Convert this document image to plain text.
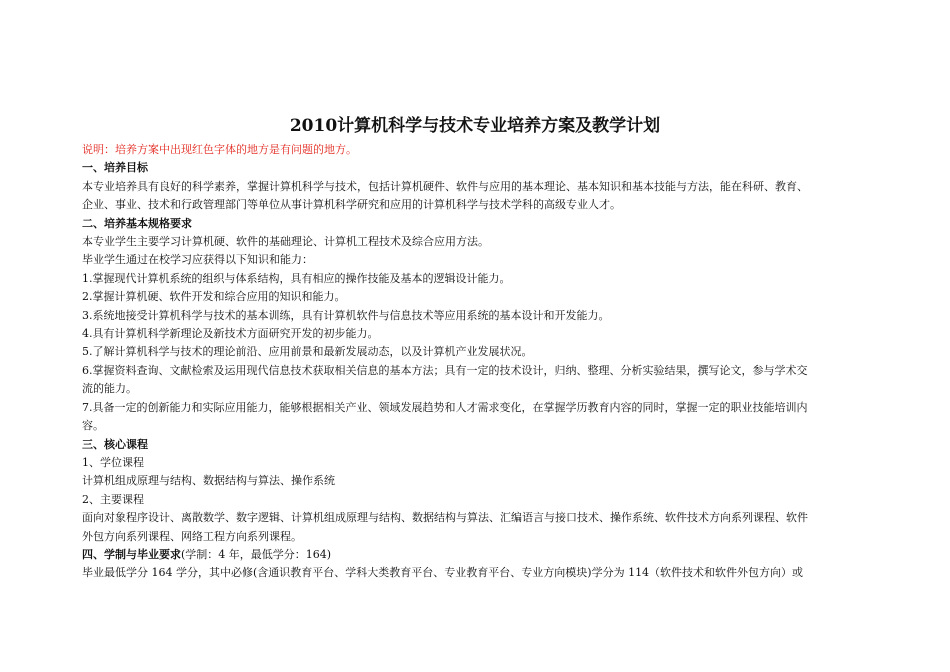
2010计算机科学与技术专业培养方案及教学计划
说明：培养方案中出现红色字体的地方是有问题的地方。
一、培养目标
本专业培养具有良好的科学素养，掌握计算机科学与技术，包括计算机硬件、软件与应用的基本理论、基本知识和基本技能与方法，能在科研、教育、
企业、事业、技术和行政管理部门等单位从事计算机科学研究和应用的计算机科学与技术学科的高级专业人才。
二、培养基本规格要求
本专业学生主要学习计算机硬、软件的基础理论、计算机工程技术及综合应用方法。
毕业学生通过在校学习应获得以下知识和能力：
1.掌握现代计算机系统的组织与体系结构，具有相应的操作技能及基本的逻辑设计能力。
2.掌握计算机硬、软件开发和综合应用的知识和能力。
3.系统地接受计算机科学与技术的基本训练，具有计算机软件与信息技术等应用系统的基本设计和开发能力。
4.具有计算机科学新理论及新技术方面研究开发的初步能力。
5.了解计算机科学与技术的理论前沿、应用前景和最新发展动态，以及计算机产业发展状况。
6.掌握资料查询、文献检索及运用现代信息技术获取相关信息的基本方法；具有一定的技术设计，归纳、整理、分析实验结果，撰写论文，参与学术交
流的能力。
7.具备一定的创新能力和实际应用能力，能够根据相关产业、领域发展趋势和人才需求变化，在掌握学历教育内容的同时，掌握一定的职业技能培训内
容。
三、核心课程
1、学位课程
计算机组成原理与结构、数据结构与算法、操作系统
2、主要课程
面向对象程序设计、离散数学、数字逻辑、计算机组成原理与结构、数据结构与算法、汇编语言与接口技术、操作系统、软件技术方向系列课程、软件
外包方向系列课程、网络工程方向系列课程。
四、学制与毕业要求(学制：4 年，最低学分：164)
毕业最低学分 164 学分，其中必修(含通识教育平台、学科大类教育平台、专业教育平台、专业方向模块)学分为 114（软件技术和软件外包方向）或
